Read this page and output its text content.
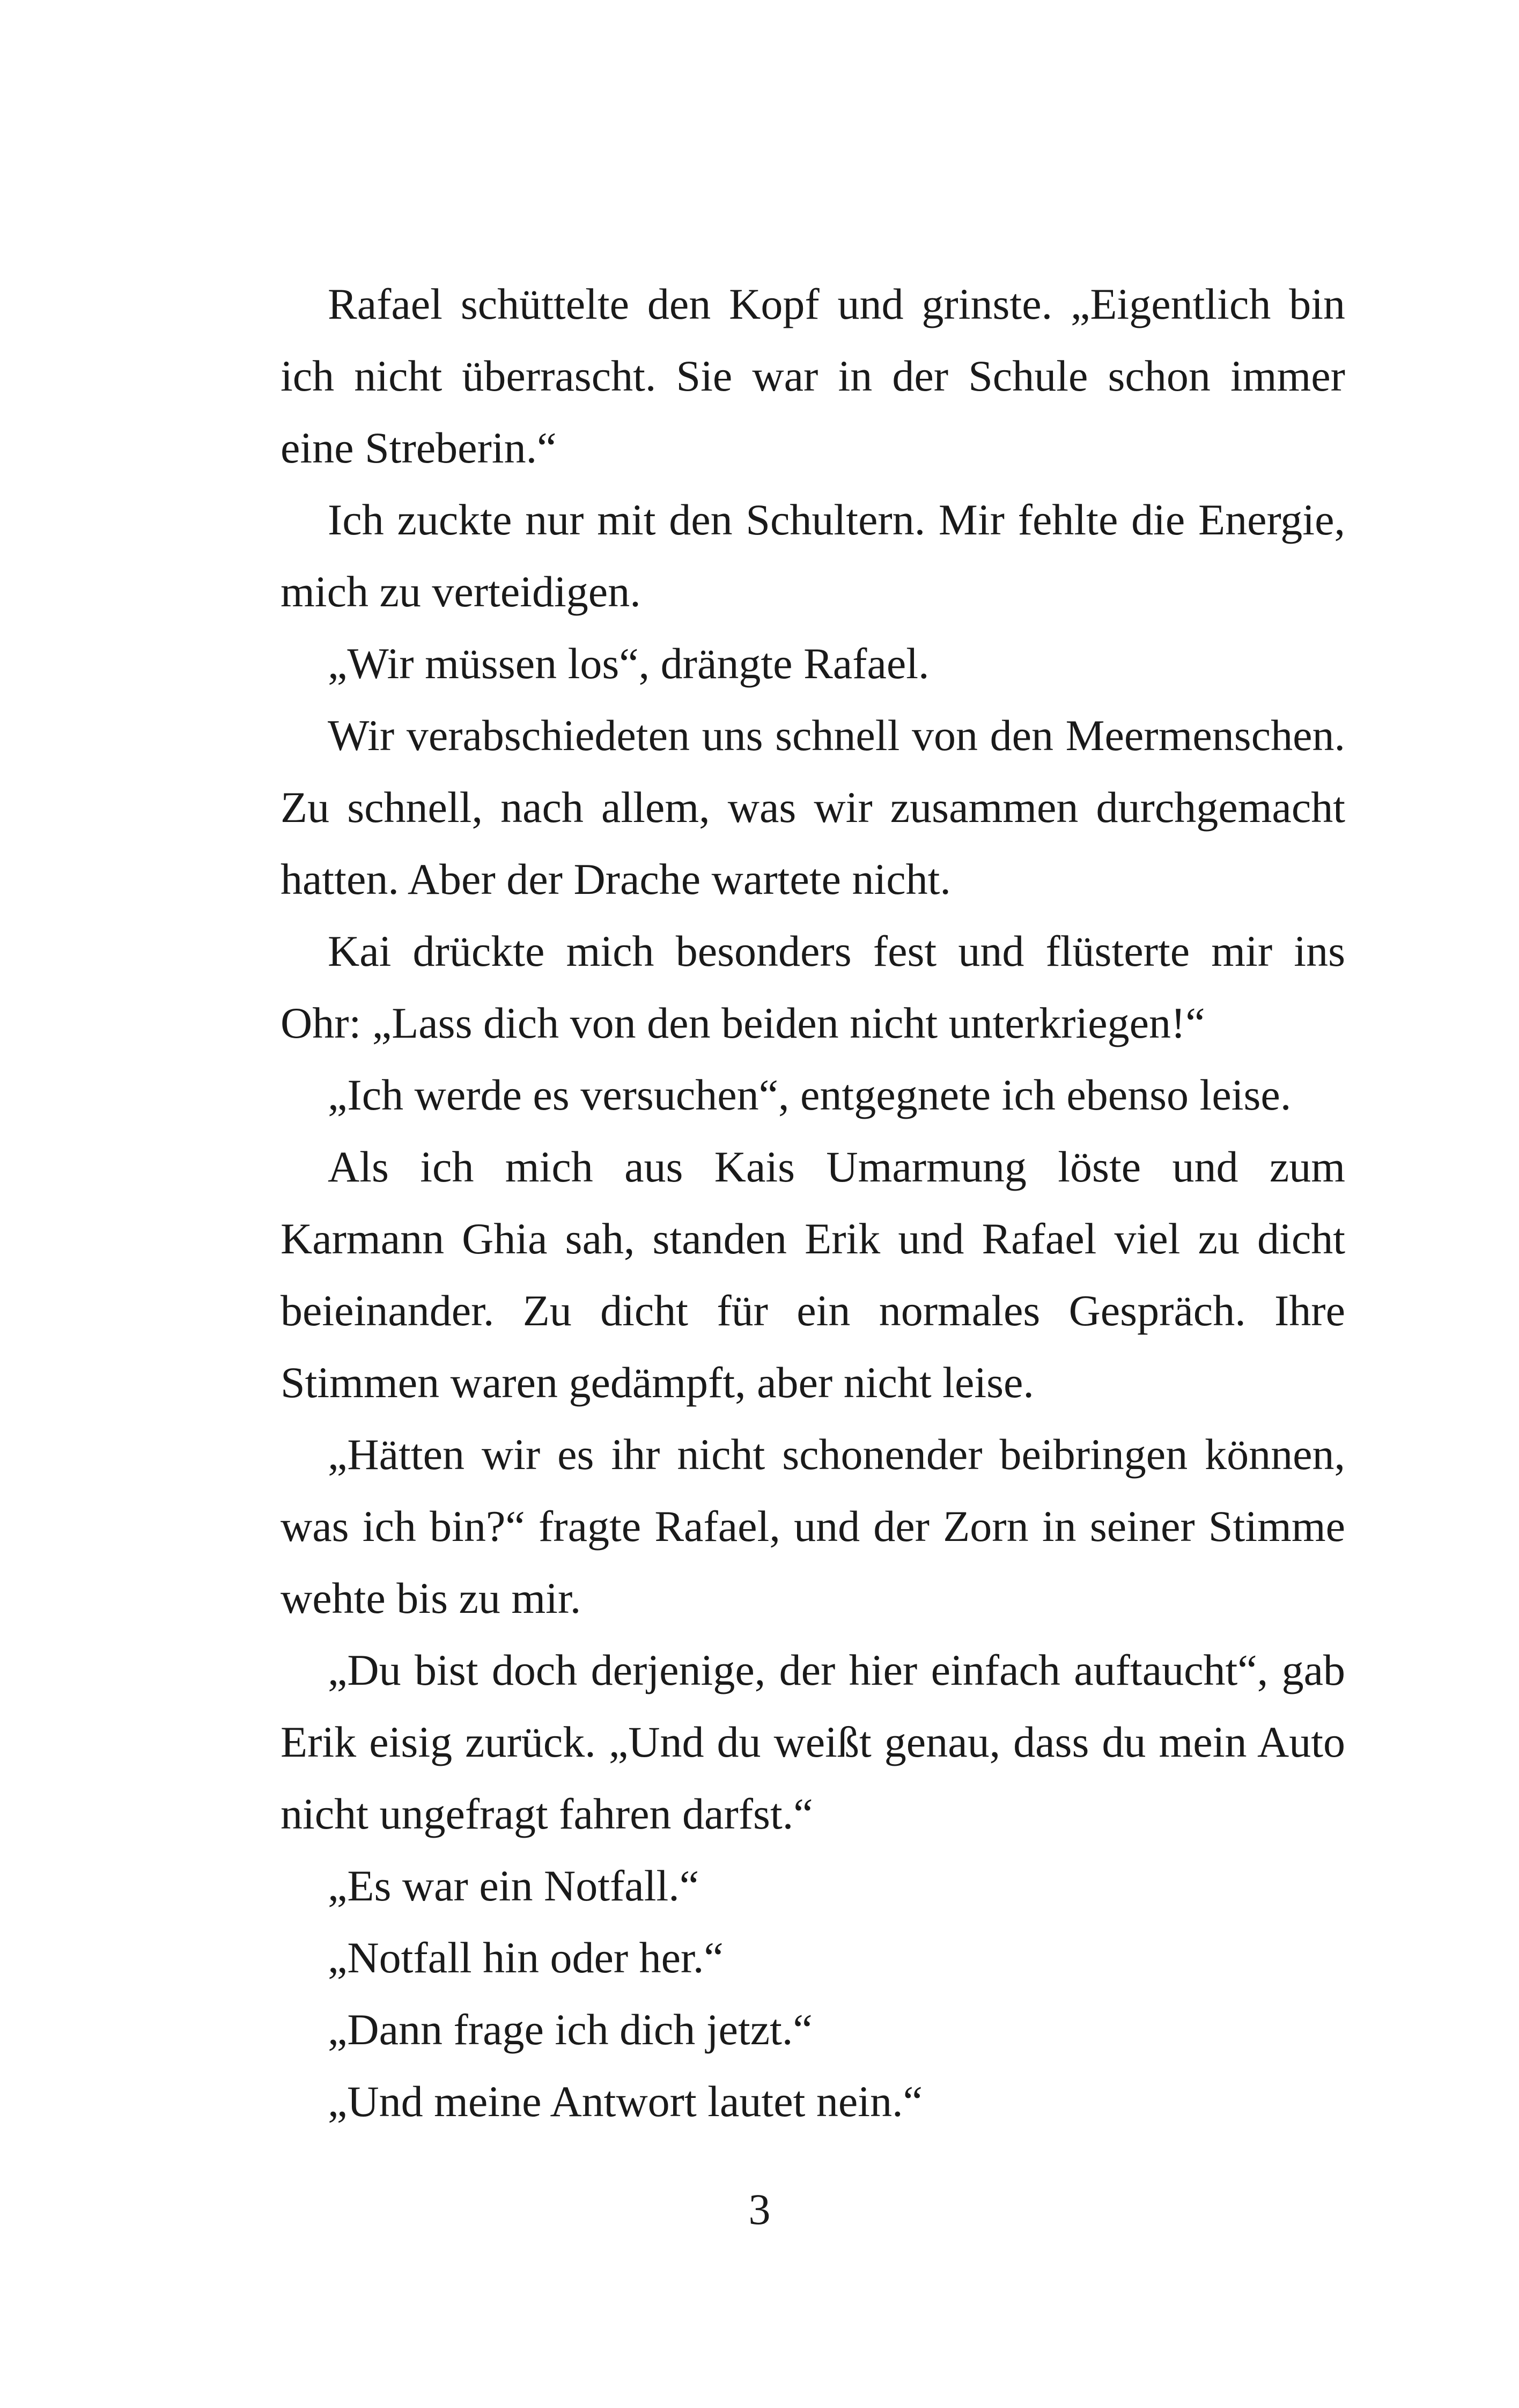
Rafael schüttelte den Kopf und grinste. „Eigentlich bin ich nicht überrascht. Sie war in der Schule schon immer eine Streberin.“

Ich zuckte nur mit den Schultern. Mir fehlte die Energie, mich zu verteidigen.

„Wir müssen los“, drängte Rafael.

Wir verabschiedeten uns schnell von den Meermenschen. Zu schnell, nach allem, was wir zusammen durchgemacht hatten. Aber der Drache wartete nicht.

Kai drückte mich besonders fest und flüsterte mir ins Ohr: „Lass dich von den beiden nicht unterkriegen!“

„Ich werde es versuchen“, entgegnete ich ebenso leise.

Als ich mich aus Kais Umarmung löste und zum Karmann Ghia sah, standen Erik und Rafael viel zu dicht beieinander. Zu dicht für ein normales Gespräch. Ihre Stimmen waren gedämpft, aber nicht leise.

„Hätten wir es ihr nicht schonender beibringen können, was ich bin?“ fragte Rafael, und der Zorn in seiner Stimme wehte bis zu mir.

„Du bist doch derjenige, der hier einfach auftaucht“, gab Erik eisig zurück. „Und du weißt genau, dass du mein Auto nicht ungefragt fahren darfst.“

„Es war ein Notfall.“

„Notfall hin oder her.“

„Dann frage ich dich jetzt.“

„Und meine Antwort lautet nein.“

3
